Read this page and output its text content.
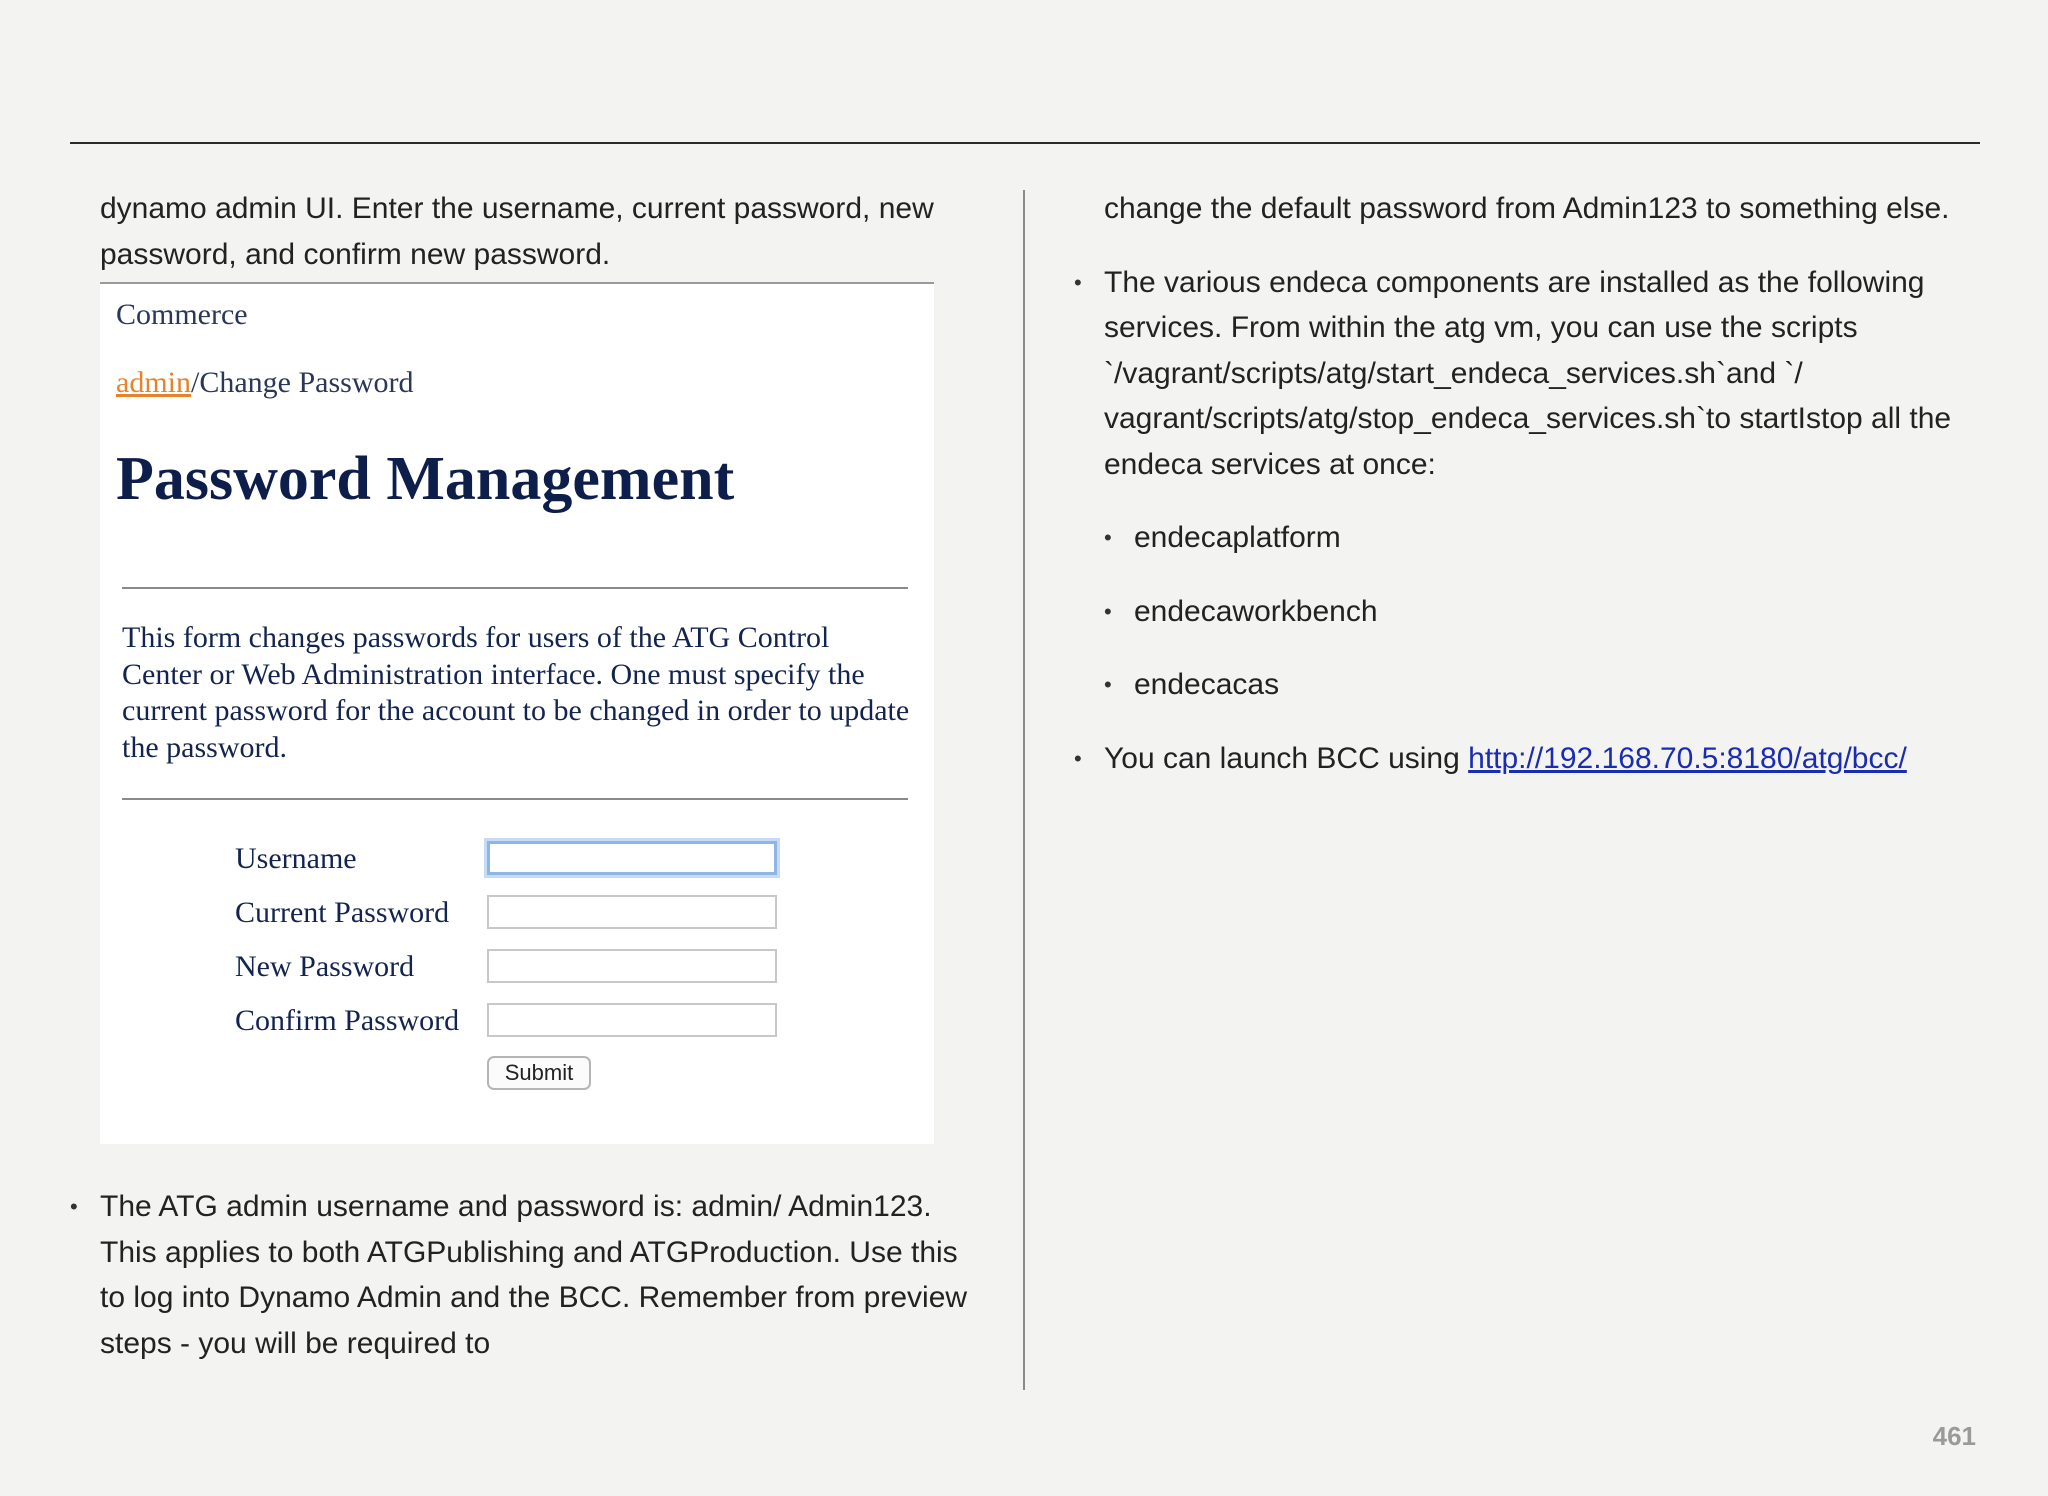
dynamo admin UI. Enter the username, current password, new password, and confirm new password.
Commerce
admin/Change Password
Password Management
This form changes passwords for users of the ATG Control Center or Web Administration interface. One must specify the current password for the account to be changed in order to update the password.
Username
Current Password
New Password
Confirm Password
Submit
• The ATG admin username and password is: admin/ Admin123. This applies to both ATGPublishing and ATGProduction. Use this to log into Dynamo Admin and the BCC. Remember from preview steps - you will be required to
change the default password from Admin123 to something else.
• The various endeca components are installed as the following services. From within the atg vm, you can use the scripts `/vagrant/scripts/atg/start_endeca_services.sh`and `/ vagrant/scripts/atg/stop_endeca_services.sh`to startIstop all the endeca services at once:
• endecaplatform
• endecaworkbench
• endecacas
• You can launch BCC using http://192.168.70.5:8180/atg/bcc/
461
